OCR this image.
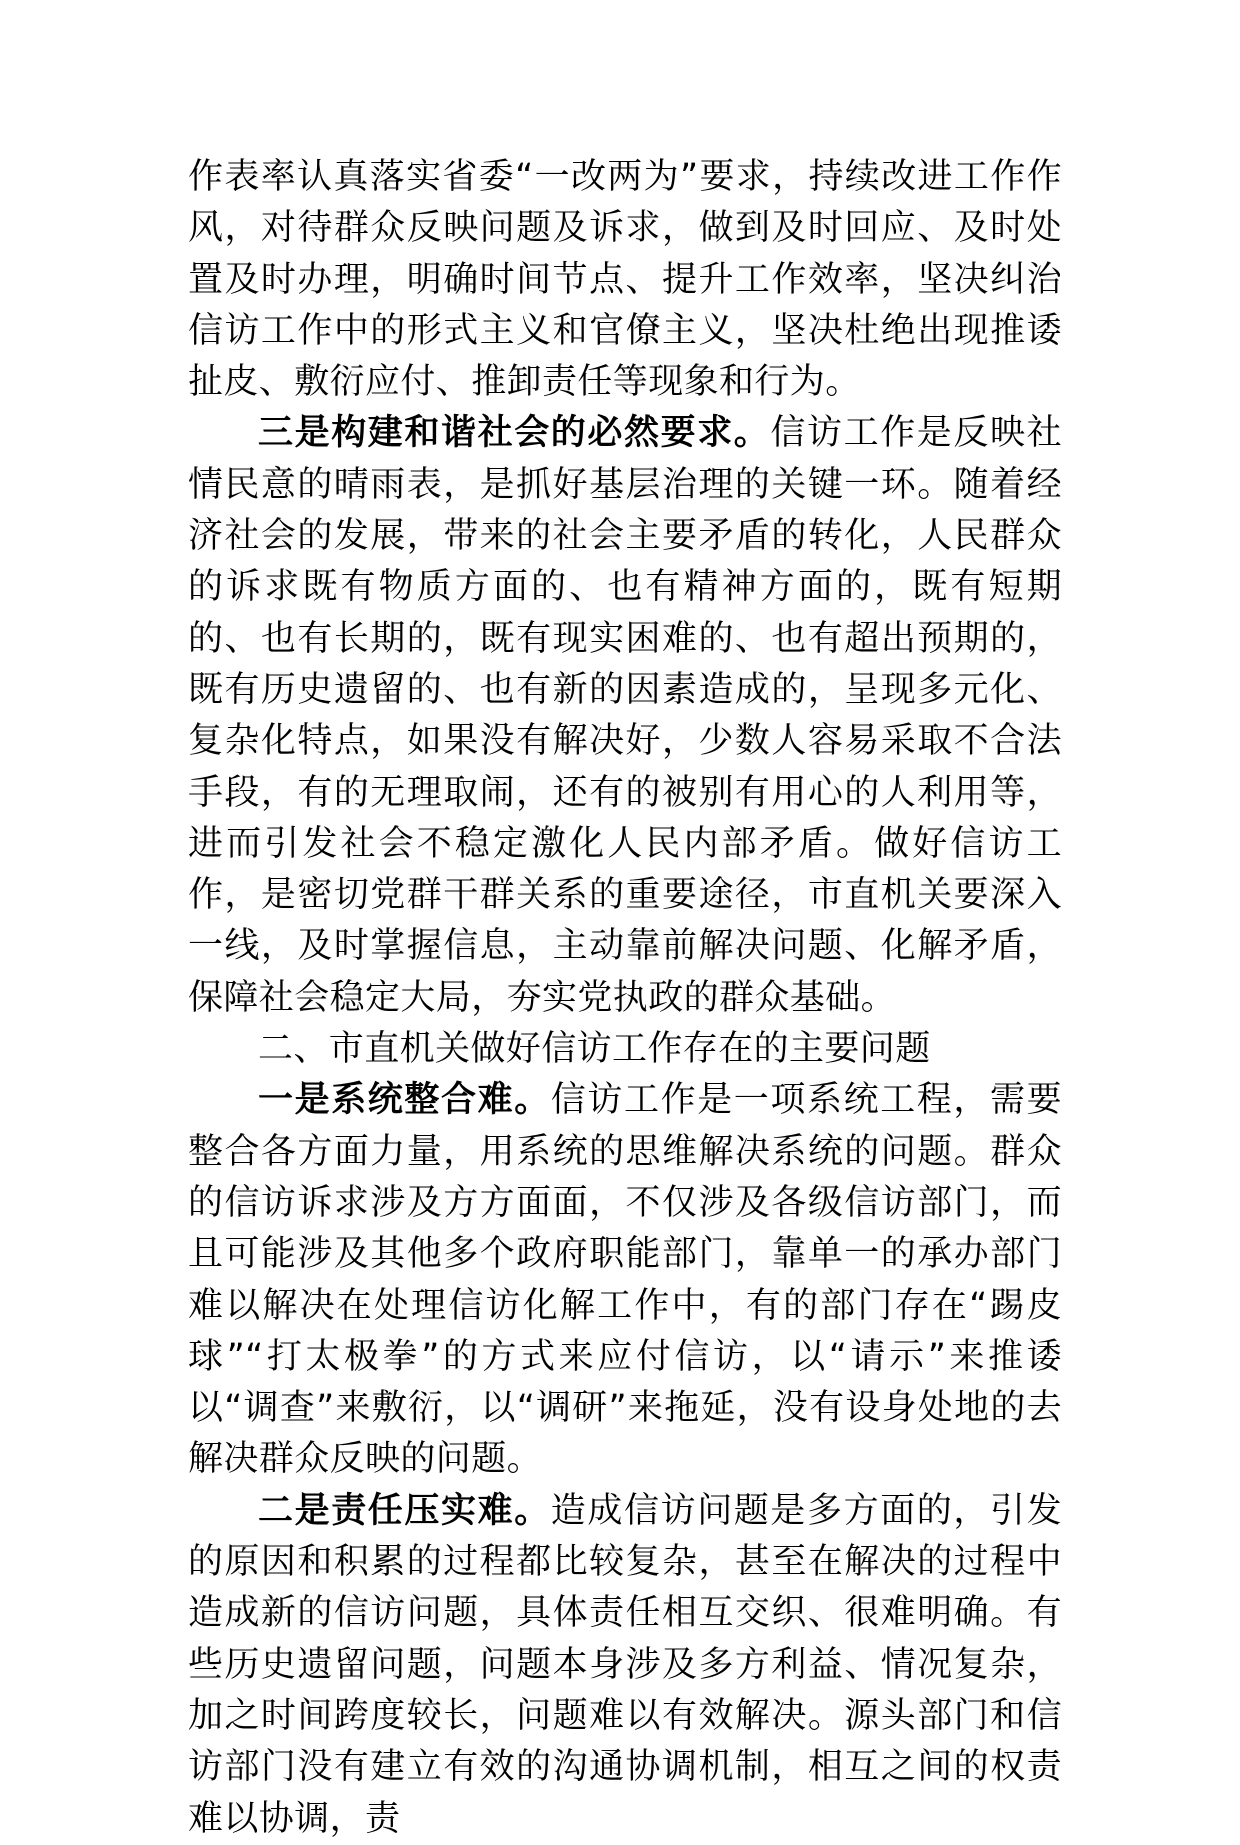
作表率认真落实省委“一改两为”要求，持续改进工作作风，对待群众反映问题及诉求，做到及时回应、及时处置及时办理，明确时间节点、提升工作效率，坚决纠治信访工作中的形式主义和官僚主义，坚决杜绝出现推诿扯皮、敷衍应付、推卸责任等现象和行为。

三是构建和谐社会的必然要求。信访工作是反映社情民意的晴雨表，是抓好基层治理的关键一环。随着经济社会的发展，带来的社会主要矛盾的转化，人民群众的诉求既有物质方面的、也有精神方面的，既有短期的、也有长期的，既有现实困难的、也有超出预期的，既有历史遗留的、也有新的因素造成的，呈现多元化、复杂化特点，如果没有解决好，少数人容易采取不合法手段，有的无理取闹，还有的被别有用心的人利用等，进而引发社会不稳定激化人民内部矛盾。做好信访工作，是密切党群干群关系的重要途径，市直机关要深入一线，及时掌握信息，主动靠前解决问题、化解矛盾，保障社会稳定大局，夯实党执政的群众基础。

二、市直机关做好信访工作存在的主要问题

一是系统整合难。信访工作是一项系统工程，需要整合各方面力量，用系统的思维解决系统的问题。群众的信访诉求涉及方方面面，不仅涉及各级信访部门，而且可能涉及其他多个政府职能部门，靠单一的承办部门难以解决在处理信访化解工作中，有的部门存在“踢皮球”“打太极拳”的方式来应付信访，以“请示”来推诿以“调查”来敷衍，以“调研”来拖延，没有设身处地的去解决群众反映的问题。

二是责任压实难。造成信访问题是多方面的，引发的原因和积累的过程都比较复杂，甚至在解决的过程中造成新的信访问题，具体责任相互交织、很难明确。有些历史遗留问题，问题本身涉及多方利益、情况复杂，加之时间跨度较长，问题难以有效解决。源头部门和信访部门没有建立有效的沟通协调机制，相互之间的权责难以协调，责
